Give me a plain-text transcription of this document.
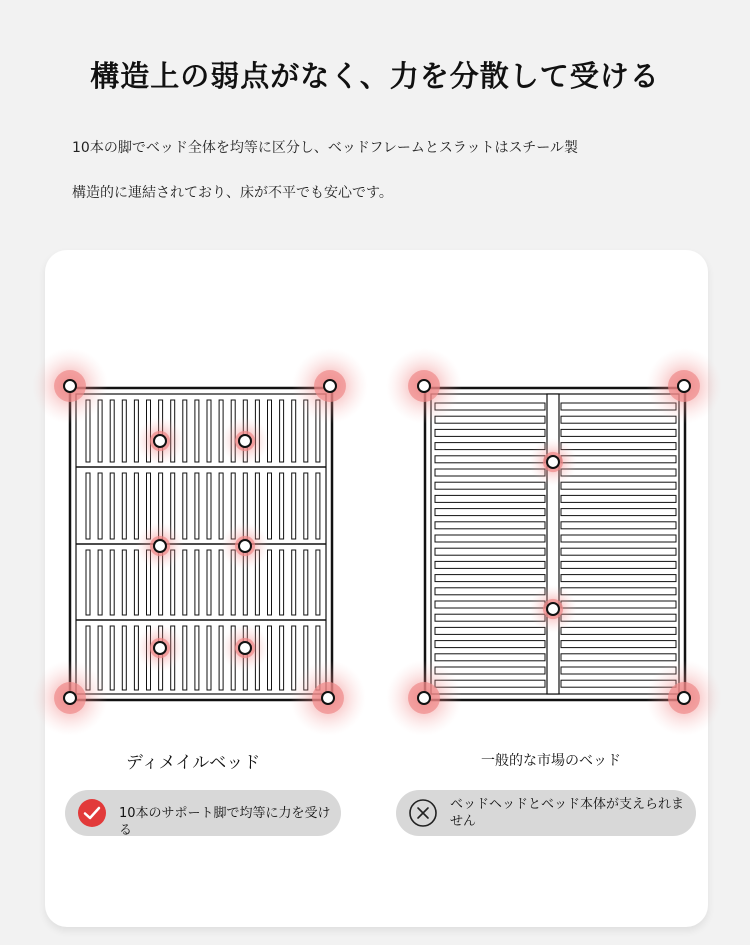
構造上の弱点がなく、力を分散して受ける
10本の脚でベッド全体を均等に区分し、ベッドフレームとスラットはスチール製
構造的に連結されており、床が不平でも安心です。
ディメイルベッド	一般的な市場のベッド
10本のサポート脚で均等に力を受ける
ベッドヘッドとベッド本体が支えられません
